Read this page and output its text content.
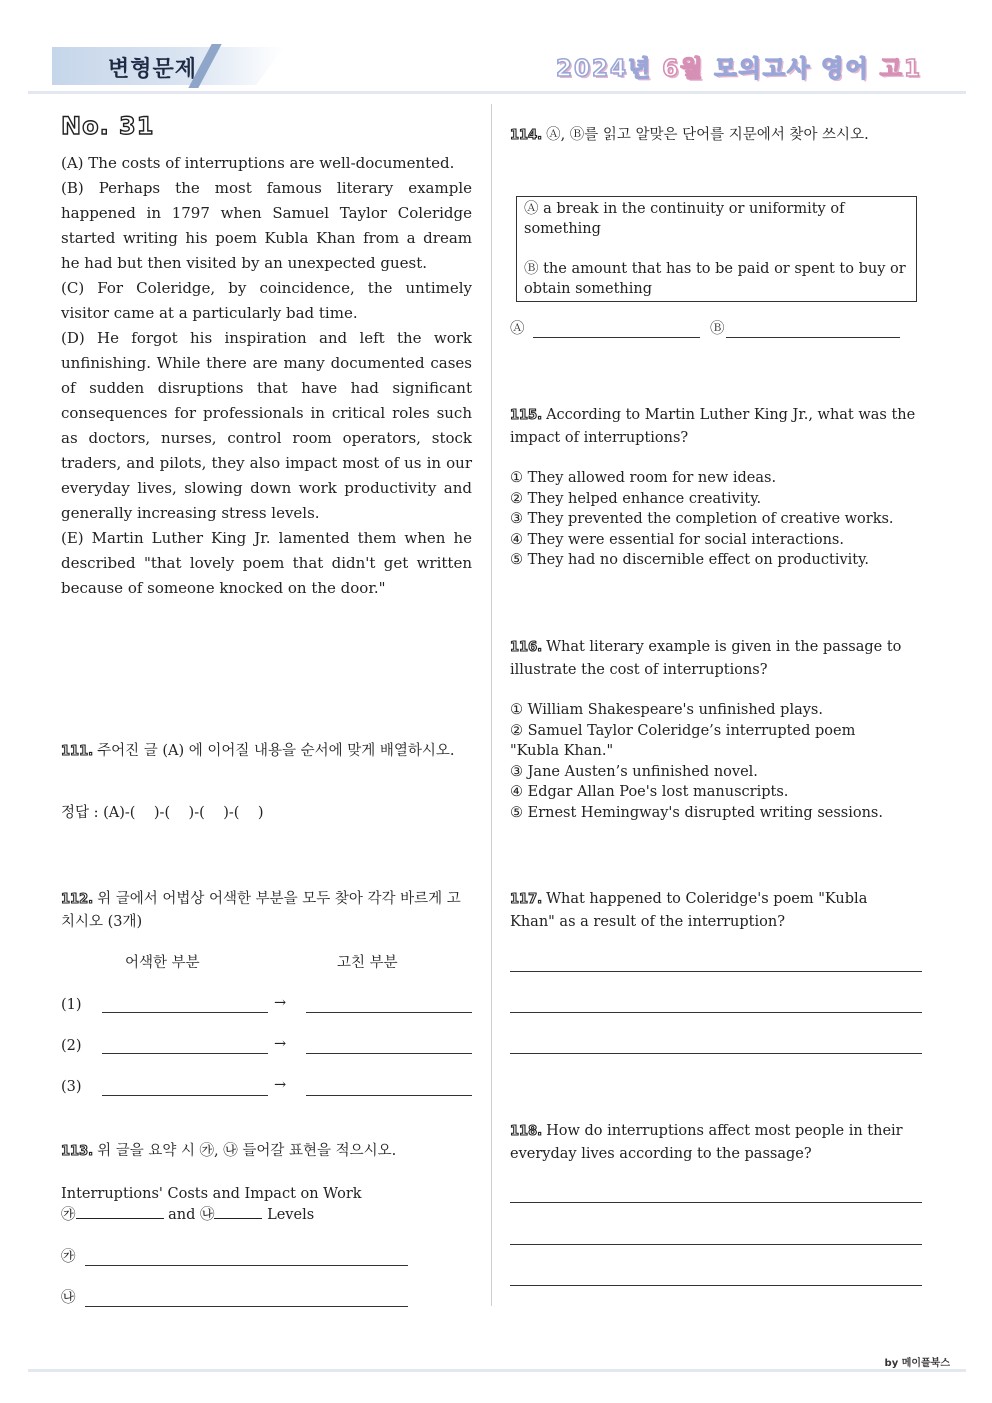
변형문제	2024년 6월 모의고사 영어 고1
No. 31

(A) The costs of interruptions are well-documented.

(B) Perhaps the most famous literary example happened in 1797 when Samuel Taylor Coleridge started writing his poem Kubla Khan from a dream he had but then visited by an unexpected guest.

(C) For Coleridge, by coincidence, the untimely visitor came at a particularly bad time.

(D) He forgot his inspiration and left the work unfinishing. While there are many documented cases of sudden disruptions that have had significant consequences for professionals in critical roles such as doctors, nurses, control room operators, stock traders, and pilots, they also impact most of us in our everyday lives, slowing down work productivity and generally increasing stress levels.

(E) Martin Luther King Jr. lamented them when he described "that lovely poem that didn't get written because of someone knocked on the door."

111. 주어진 글 (A) 에 이어질 내용을 순서에 맞게 배열하시오.
정답 : (A)-(    )-(    )-(    )-(    )
112. 위 글에서 어법상 어색한 부분을 모두 찾아 각각 바르게 고치시오 (3개)
어색한 부분	고친 부분
(1)	→
(2)	→
(3)	→
113. 위 글을 요약 시 ㉮, ㉯ 들어갈 표현을 적으시오.
Interruptions' Costs and Impact on Work
㉮	and ㉯	Levels
㉮
㉯
114. Ⓐ, Ⓑ를 읽고 알맞은 단어를 지문에서 찾아 쓰시오.
Ⓐ a break in the continuity or uniformity of something
Ⓑ the amount that has to be paid or spent to buy or obtain something
Ⓐ	Ⓑ
115. According to Martin Luther King Jr., what was the impact of interruptions?
① They allowed room for new ideas.
② They helped enhance creativity.
③ They prevented the completion of creative works.
④ They were essential for social interactions.
⑤ They had no discernible effect on productivity.
116. What literary example is given in the passage to illustrate the cost of interruptions?
① William Shakespeare's unfinished plays.
② Samuel Taylor Coleridge’s interrupted poem "Kubla Khan."
③ Jane Austen’s unfinished novel.
④ Edgar Allan Poe's lost manuscripts.
⑤ Ernest Hemingway's disrupted writing sessions.
117. What happened to Coleridge's poem "Kubla Khan" as a result of the interruption?
118. How do interruptions affect most people in their everyday lives according to the passage?
by 메이플북스
